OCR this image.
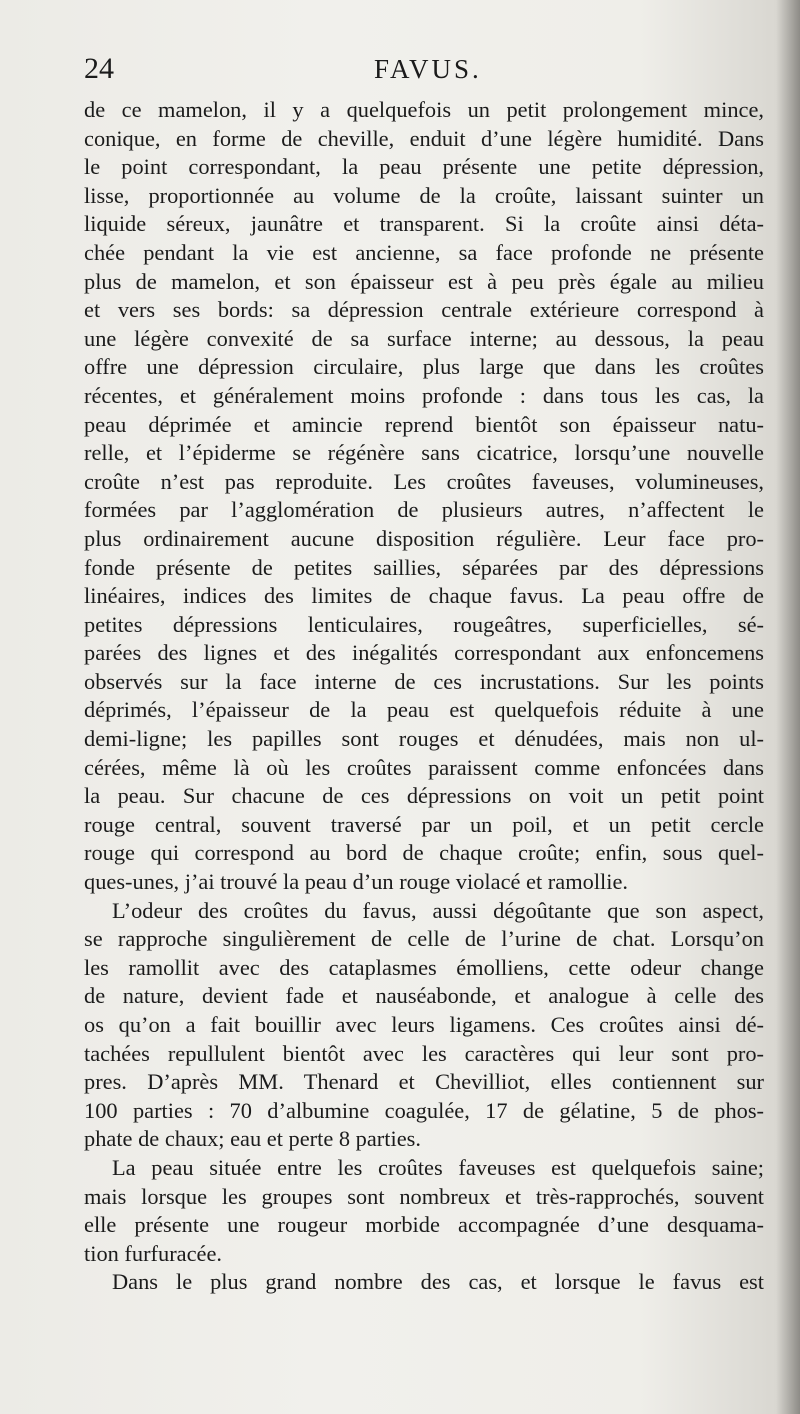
24	FAVUS.
de ce mamelon, il y a quelquefois un petit prolongement mince,
conique, en forme de cheville, enduit d’une légère humidité. Dans
le point correspondant, la peau présente une petite dépression,
lisse, proportionnée au volume de la croûte, laissant suinter un
liquide séreux, jaunâtre et transparent. Si la croûte ainsi déta-
chée pendant la vie est ancienne, sa face profonde ne présente
plus de mamelon, et son épaisseur est à peu près égale au milieu
et vers ses bords: sa dépression centrale extérieure correspond à
une légère convexité de sa surface interne; au dessous, la peau
offre une dépression circulaire, plus large que dans les croûtes
récentes, et généralement moins profonde : dans tous les cas, la
peau déprimée et amincie reprend bientôt son épaisseur natu-
relle, et l’épiderme se régénère sans cicatrice, lorsqu’une nouvelle
croûte n’est pas reproduite. Les croûtes faveuses, volumineuses,
formées par l’agglomération de plusieurs autres, n’affectent le
plus ordinairement aucune disposition régulière. Leur face pro-
fonde présente de petites saillies, séparées par des dépressions
linéaires, indices des limites de chaque favus. La peau offre de
petites dépressions lenticulaires, rougeâtres, superficielles, sé-
parées des lignes et des inégalités correspondant aux enfoncemens
observés sur la face interne de ces incrustations. Sur les points
déprimés, l’épaisseur de la peau est quelquefois réduite à une
demi-ligne; les papilles sont rouges et dénudées, mais non ul-
cérées, même là où les croûtes paraissent comme enfoncées dans
la peau. Sur chacune de ces dépressions on voit un petit point
rouge central, souvent traversé par un poil, et un petit cercle
rouge qui correspond au bord de chaque croûte; enfin, sous quel-
ques-unes, j’ai trouvé la peau d’un rouge violacé et ramollie.
L’odeur des croûtes du favus, aussi dégoûtante que son aspect,
se rapproche singulièrement de celle de l’urine de chat. Lorsqu’on
les ramollit avec des cataplasmes émolliens, cette odeur change
de nature, devient fade et nauséabonde, et analogue à celle des
os qu’on a fait bouillir avec leurs ligamens. Ces croûtes ainsi dé-
tachées repullulent bientôt avec les caractères qui leur sont pro-
pres. D’après MM. Thenard et Chevilliot, elles contiennent sur
100 parties : 70 d’albumine coagulée, 17 de gélatine, 5 de phos-
phate de chaux; eau et perte 8 parties.
La peau située entre les croûtes faveuses est quelquefois saine;
mais lorsque les groupes sont nombreux et très-rapprochés, souvent
elle présente une rougeur morbide accompagnée d’une desquama-
tion furfuracée.
Dans le plus grand nombre des cas, et lorsque le favus est
